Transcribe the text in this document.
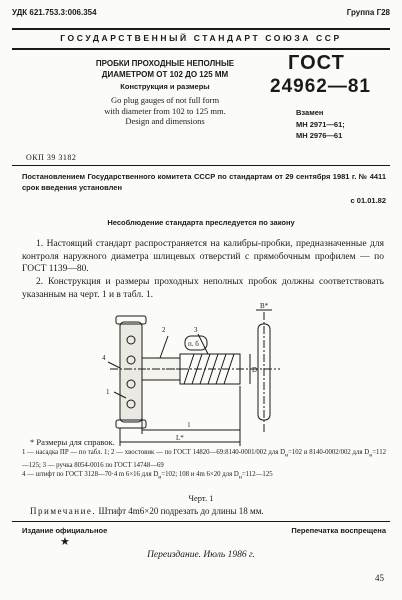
УДК 621.753.3:006.354	Группа Г28
ГОСУДАРСТВЕННЫЙ СТАНДАРТ СОЮЗА ССР
ПРОБКИ ПРОХОДНЫЕ НЕПОЛНЫЕ
ДИАМЕТРОМ ОТ 102 ДО 125 ММ
Конструкция и размеры
Go plug gauges of not full form
with diameter from 102 to 125 mm.
Design and dimensions
ГОСТ
24962—81
Взамен
МН 2971—61;
МН 2976—61
ОКП 39 3182
Постановлением Государственного комитета СССР по стандартам от 29 сентября 1981 г. № 4411 срок введения установлен
с 01.01.82
Несоблюдение стандарта преследуется по закону
1. Настоящий стандарт распространяется на калибры-пробки, предназначенные для контроля наружного диаметра шлицевых отверстий с прямобочным профилем — по ГОСТ 1139—80.
2. Конструкция и размеры проходных неполных пробок должны соответствовать указанным на черт. 1 и в табл. 1.
4
2	3
1
п. б
l
L*
B*
D
* Размеры для справок.
1 — насадка ПР — по табл. 1; 2 — хвостовик — по ГОСТ 14820—69:8140-0001/002 для $D_н=102$ и 8140-0002/002 для $D_н=112—125$; 3 — ручка 8054-0016 по ГОСТ 14748—69
4 — штифт по ГОСТ 3128—70·4 m 6×16 для $D_н=102$; 108 и 4m 6×20 для $D_н=112—125$
Черт. 1
Примечание. Штифт 4m6×20 подрезать до длины 18 мм.
Издание официальное	Перепечатка воспрещена
★
Переиздание. Июль 1986 г.
45
